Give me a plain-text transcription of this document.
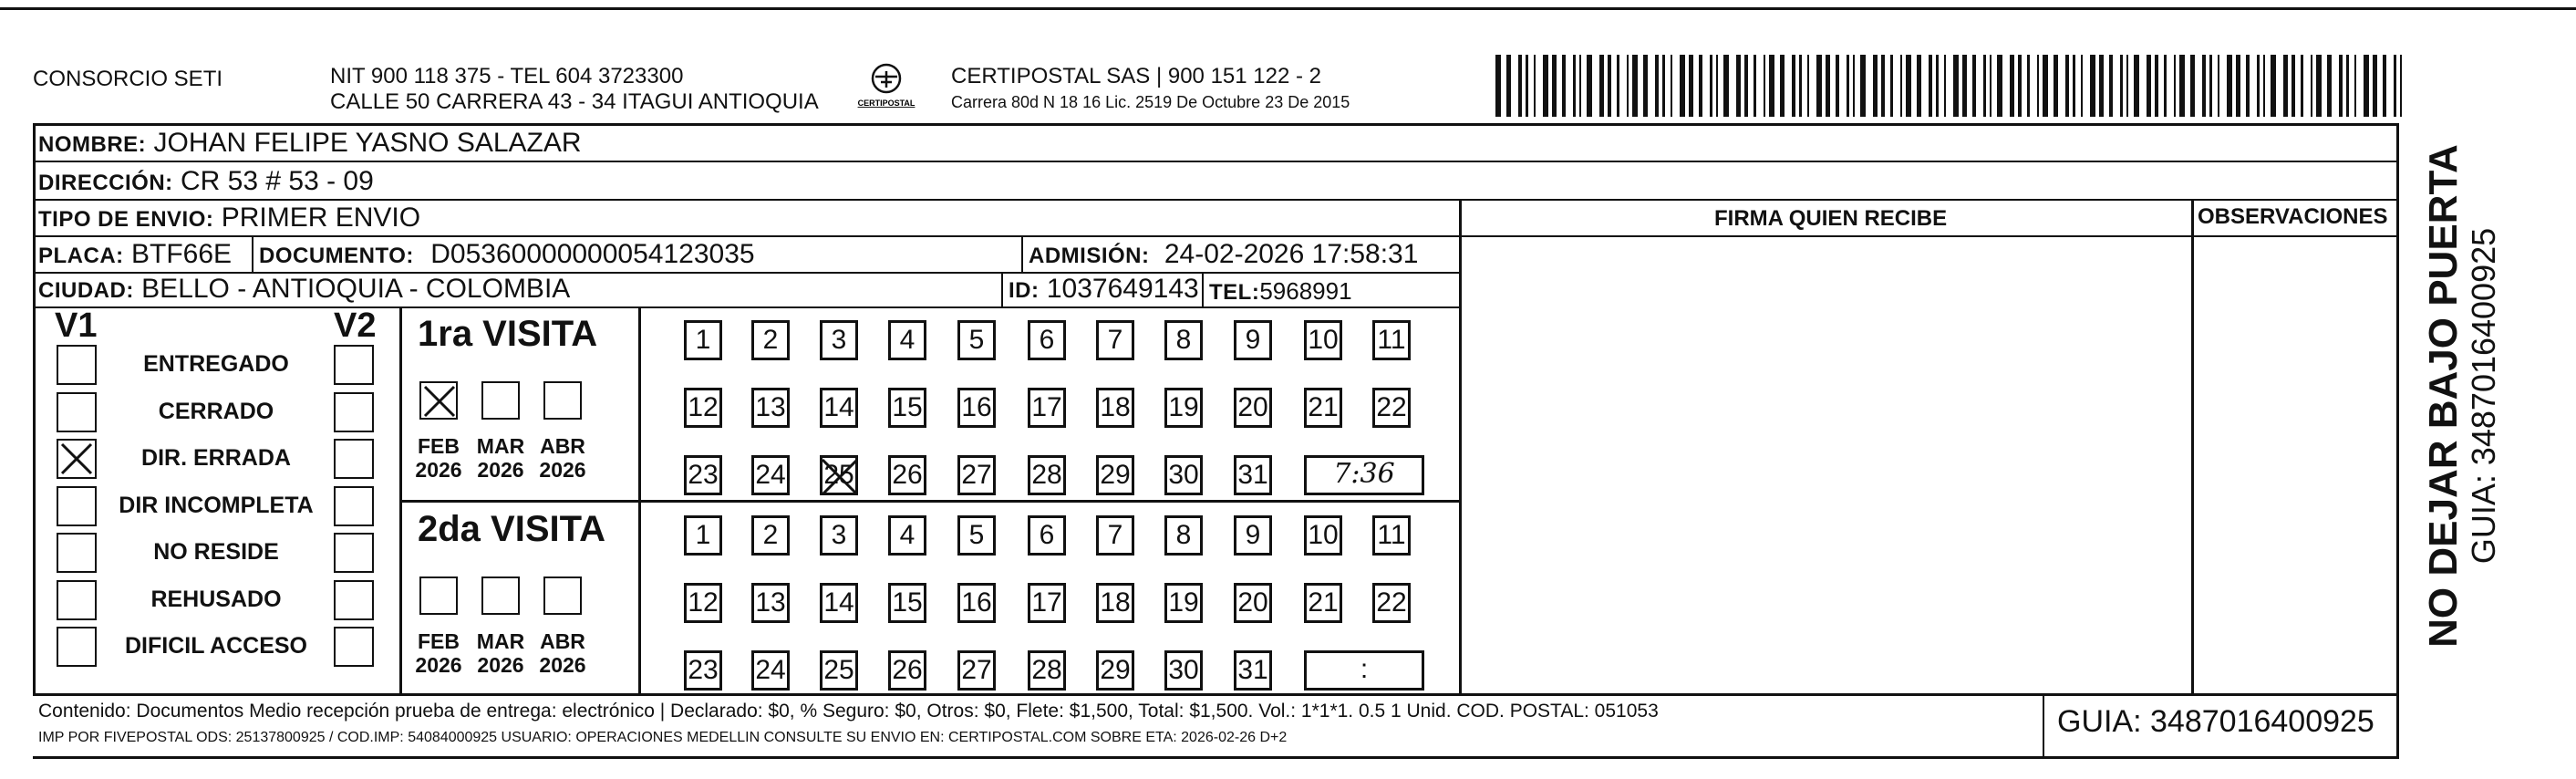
CONSORCIO SETI	NIT 900 118 375 - TEL 604 3723300
CALLE 50 CARRERA 43 - 34 ITAGUI ANTIOQUIA	CERTIPOSTAL
CERTIPOSTAL SAS | 900 151 122 - 2
Carrera 80d N 18 16 Lic. 2519 De Octubre 23 De 2015
NOMBRE: JOHAN FELIPE YASNO SALAZAR
DIRECCIÓN: CR 53 # 53 - 09
TIPO DE ENVIO: PRIMER ENVIO
PLACA: BTF66E DOCUMENTO: D05360000000054123035	ADMISIÓN: 24-02-2026 17:58:31
CIUDAD: BELLO - ANTIOQUIA - COLOMBIA	ID: 1037649143 TEL:5968991
FIRMA QUIEN RECIBE	OBSERVACIONES
V1	V2
ENTREGADO
CERRADO
DIR. ERRADA
DIR INCOMPLETA
NO RESIDE
REHUSADO
DIFICIL ACCESO
1ra VISITA
FEB
2026
MAR
2026
ABR
2026
1	2	3	4	5	6	7	8	9	10 11
12 13 14 15 16 17 18 19 20 21 22
23 24 25 26 27 28 29 30 31	7:36
2da VISITA
FEB
2026
MAR
2026
ABR
2026
1	2	3	4	5	6	7	8	9	10 11
12 13 14 15 16 17 18 19 20 21 22
23 24 25 26 27 28 29 30 31	:
NO DEJAR BAJO PUERTA GUIA: 3487016400925
Contenido: Documentos Medio recepción prueba de entrega: electrónico | Declarado: $0, % Seguro: $0, Otros: $0, Flete: $1,500, Total: $1,500. Vol.: 1*1*1. 0.5 1 Unid. COD. POSTAL: 051053
IMP POR FIVEPOSTAL ODS: 25137800925 / COD.IMP: 54084000925 USUARIO: OPERACIONES MEDELLIN CONSULTE SU ENVIO EN: CERTIPOSTAL.COM SOBRE ETA: 2026-02-26 D+2	GUIA: 3487016400925
